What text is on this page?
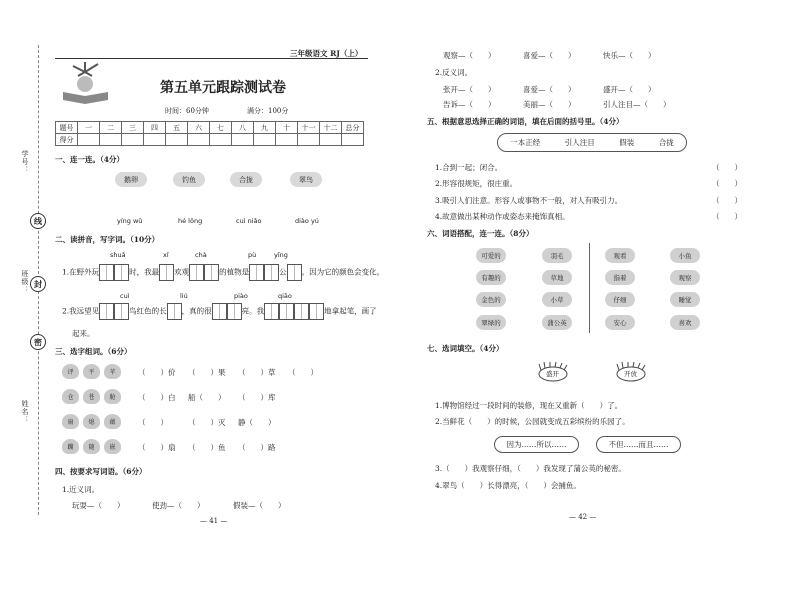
学号：
班级：
姓名：
线
封
密
三年级语文 RJ（上）
第五单元跟踪测试卷
时间：60分钟	满分：100分
题号	一	二	三	四	五	六	七	八	九	十	十一	十二	总分
得分													
一、连一连。（4分）
鹅卵	钓鱼	合拢	翠鸟
yíng wǔ	hé lǒng	cuì niǎo	diào yú
二、读拼音，写字词。（10分）
shuǎ	xǐ	chà	pù	yīng
1.在野外玩	时，我最 欢观	的植物是	公 。因为它的颜色会变化。
cuì	liú	piào	qiāo
2.我远望见	鸟红色的长 ，真的很	亮。我	地拿起笔，画了
起来。
三、选字组词。（6分）
评	平	苹	（　　）价 （　　）果 （　　）草 （　　）
仓	苍	舱	（　　）白 船（　　） （　　）库
扇	熄	蕴	（　　）	（　　）灭 静（　　）
蹦	随	嵌	（　　）扇 （　　）鱼 （　　）路
四、按要求写词语。（6分）
1.近义词。
玩耍—（　　）	使劲—（　　）	假装—（　　）
— 41 —
观察—（　　）	喜爱—（　　）	快乐—（　　）
2.反义词。
张开—（　　）	喜爱—（　　）	盛开—（　　）
告诉—（　　）	美丽—（　　）	引人注目—（　　）
五、根据意思选择正确的词语，填在后面的括号里。（4分）
一本正经	引人注目	假装	合拢
1.合到一起；闭合。	（　　）
2.形容很规矩，很庄重。	（　　）
3.吸引人们注意。形容人或事物不一般，对人有吸引力。	（　　）
4.故意做出某种动作或姿态来掩饰真相。	（　　）
六、词语搭配，连一连。（8分）
可爱的
有趣的
金色的
翠绿的
羽毛
草地
小草
蒲公英
观看
指着
仔细
安心
小鱼
观察
睡觉
喜欢
七、选词填空。（4分）
盛开	开放
1.博物馆经过一段时间的装修，现在又重新（　　）了。
2.当鲜花（　　）的时候，公园就变成五彩缤纷的乐园了。
因为……所以……	不但……而且……
3.（　　）我观察仔细，（　　）我发现了蒲公英的秘密。
4.翠鸟（　　）长得漂亮，（　　）会捕鱼。
— 42 —
